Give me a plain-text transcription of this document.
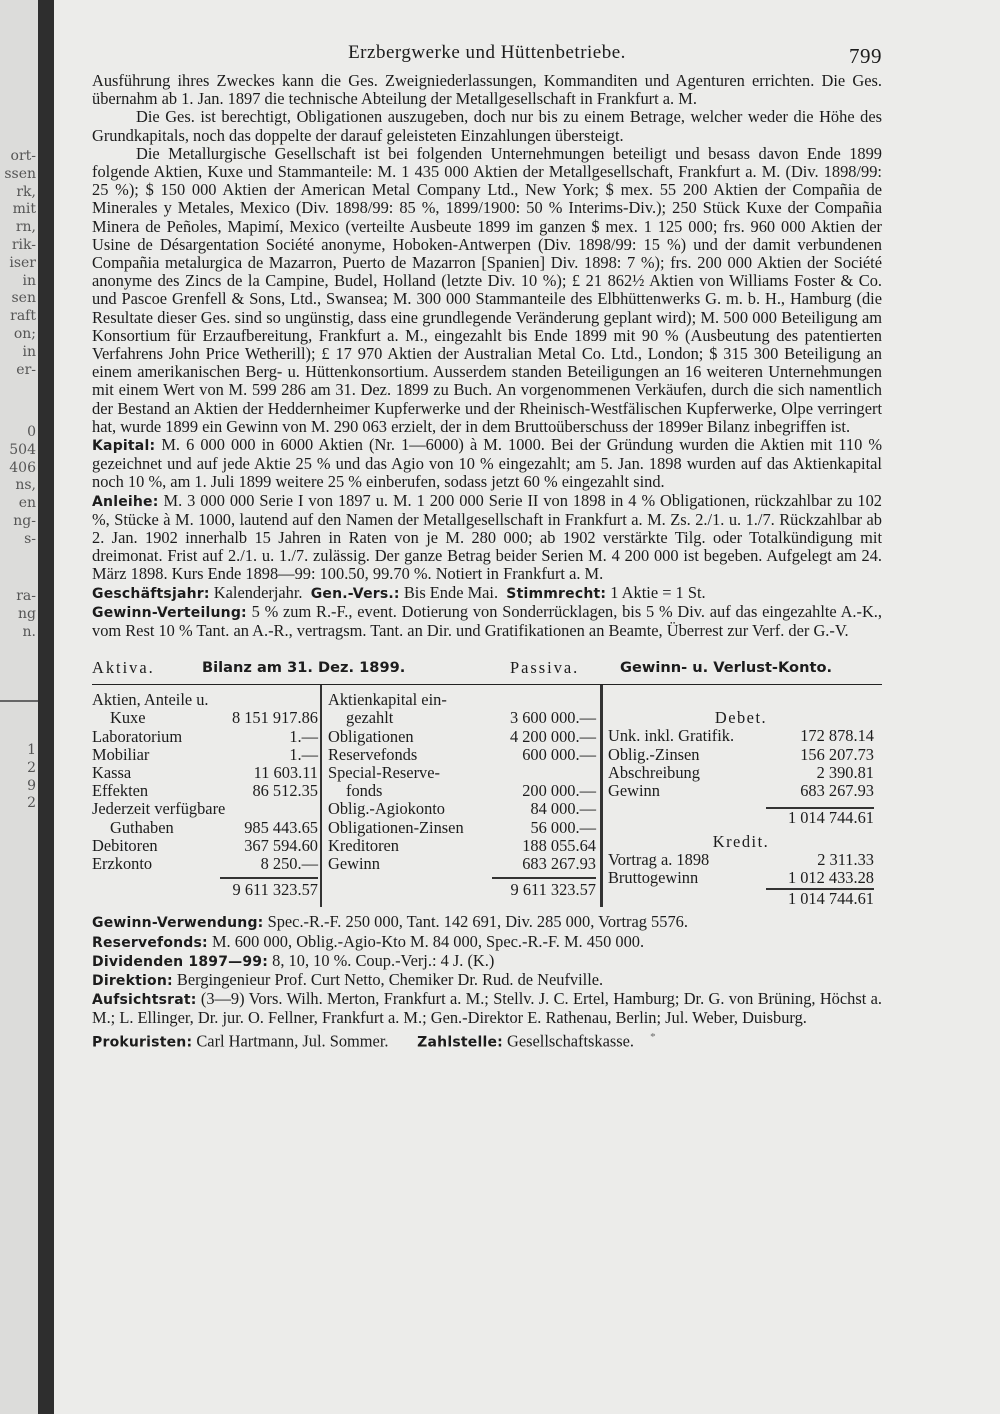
ort-
ssen
rk,
mit
rn,
rik-
iser
in
sen
raft
on;
in
er-
0
504
406
ns,
en
ng-
s-
ra-
ng
n.
1
2
9
2
Erzbergwerke und Hüttenbetriebe.	799

Ausführung ihres Zweckes kann die Ges. Zweigniederlassungen, Kommanditen und Agenturen errichten. Die Ges. übernahm ab 1. Jan. 1897 die technische Abteilung der Metallgesellschaft in Frankfurt a. M.

Die Ges. ist berechtigt, Obligationen auszugeben, doch nur bis zu einem Betrage, welcher weder die Höhe des Grundkapitals, noch das doppelte der darauf geleisteten Einzahlungen übersteigt.

Die Metallurgische Gesellschaft ist bei folgenden Unternehmungen beteiligt und besass davon Ende 1899 folgende Aktien, Kuxe und Stammanteile: M. 1 435 000 Aktien der Metallgesellschaft, Frankfurt a. M. (Div. 1898/99: 25 %); $ 150 000 Aktien der American Metal Company Ltd., New York; $ mex. 55 200 Aktien der Compañia de Minerales y Metales, Mexico (Div. 1898/99: 85 %, 1899/1900: 50 % Interims-Div.); 250 Stück Kuxe der Compañia Minera de Peñoles, Mapimí, Mexico (verteilte Ausbeute 1899 im ganzen $ mex. 1 125 000; frs. 960 000 Aktien der Usine de Désargentation Société anonyme, Hoboken-Antwerpen (Div. 1898/99: 15 %) und der damit verbundenen Compañia metalurgica de Mazarron, Puerto de Mazarron [Spanien] Div. 1898: 7 %); frs. 200 000 Aktien der Société anonyme des Zincs de la Campine, Budel, Holland (letzte Div. 10 %); £ 21 862½ Aktien von Williams Foster & Co. und Pascoe Grenfell & Sons, Ltd., Swansea; M. 300 000 Stammanteile des Elbhüttenwerks G. m. b. H., Hamburg (die Resultate dieser Ges. sind so ungünstig, dass eine grundlegende Veränderung geplant wird); M. 500 000 Beteiligung am Konsortium für Erzaufbereitung, Frankfurt a. M., eingezahlt bis Ende 1899 mit 90 % (Ausbeutung des patentierten Verfahrens John Price Wetherill); £ 17 970 Aktien der Australian Metal Co. Ltd., London; $ 315 300 Beteiligung an einem amerikanischen Berg- u. Hüttenkonsortium. Ausserdem standen Beteiligungen an 16 weiteren Unternehmungen mit einem Wert von M. 599 286 am 31. Dez. 1899 zu Buch. An vorgenommenen Verkäufen, durch die sich namentlich der Bestand an Aktien der Heddernheimer Kupferwerke und der Rheinisch-Westfälischen Kupferwerke, Olpe verringert hat, wurde 1899 ein Gewinn von M. 290 063 erzielt, der in dem Bruttoüberschuss der 1899er Bilanz inbegriffen ist.

Kapital: M. 6 000 000 in 6000 Aktien (Nr. 1—6000) à M. 1000. Bei der Gründung wurden die Aktien mit 110 % gezeichnet und auf jede Aktie 25 % und das Agio von 10 % eingezahlt; am 5. Jan. 1898 wurden auf das Aktienkapital noch 10 %, am 1. Juli 1899 weitere 25 % einberufen, sodass jetzt 60 % eingezahlt sind.

Anleihe: M. 3 000 000 Serie I von 1897 u. M. 1 200 000 Serie II von 1898 in 4 % Obligationen, rückzahlbar zu 102 %, Stücke à M. 1000, lautend auf den Namen der Metallgesellschaft in Frankfurt a. M. Zs. 2./1. u. 1./7. Rückzahlbar ab 2. Jan. 1902 innerhalb 15 Jahren in Raten von je M. 280 000; ab 1902 verstärkte Tilg. oder Totalkündigung mit dreimonat. Frist auf 2./1. u. 1./7. zulässig. Der ganze Betrag beider Serien M. 4 200 000 ist begeben. Aufgelegt am 24. März 1898. Kurs Ende 1898—99: 100.50, 99.70 %. Notiert in Frankfurt a. M.

Geschäftsjahr: Kalenderjahr. Gen.-Vers.: Bis Ende Mai. Stimmrecht: 1 Aktie = 1 St.

Gewinn-Verteilung: 5 % zum R.-F., event. Dotierung von Sonderrücklagen, bis 5 % Div. auf das eingezahlte A.-K., vom Rest 10 % Tant. an A.-R., vertragsm. Tant. an Dir. und Gratifikationen an Beamte, Überrest zur Verf. der G.-V.

Aktiva.	Bilanz am 31. Dez. 1899.	Passiva.	Gewinn- u. Verlust-Konto.
Aktien, Anteile u.
Kuxe	8 151 917.86
Laboratorium	1.—
Mobiliar	1.—
Kassa	11 603.11
Effekten	86 512.35
Jederzeit verfügbare
Guthaben	985 443.65
Debitoren	367 594.60
Erzkonto	8 250.—
9 611 323.57
Aktienkapital ein-
gezahlt	3 600 000.—
Obligationen	4 200 000.—
Reservefonds	600 000.—
Special-Reserve-
fonds	200 000.—
Oblig.-Agiokonto	84 000.—
Obligationen-Zinsen	56 000.—
Kreditoren	188 055.64
Gewinn	683 267.93
9 611 323.57
Debet.
Unk. inkl. Gratifik.	172 878.14
Oblig.-Zinsen	156 207.73
Abschreibung	2 390.81
Gewinn	683 267.93
1 014 744.61
Kredit.
Vortrag a. 1898	2 311.33
Bruttogewinn	1 012 433.28
1 014 744.61

Gewinn-Verwendung: Spec.-R.-F. 250 000, Tant. 142 691, Div. 285 000, Vortrag 5576.

Reservefonds: M. 600 000, Oblig.-Agio-Kto M. 84 000, Spec.-R.-F. M. 450 000.

Dividenden 1897—99: 8, 10, 10 %. Coup.-Verj.: 4 J. (K.)

Direktion: Bergingenieur Prof. Curt Netto, Chemiker Dr. Rud. de Neufville.

Aufsichtsrat: (3—9) Vors. Wilh. Merton, Frankfurt a. M.; Stellv. J. C. Ertel, Hamburg; Dr. G. von Brüning, Höchst a. M.; L. Ellinger, Dr. jur. O. Fellner, Frankfurt a. M.; Gen.-Direktor E. Rathenau, Berlin; Jul. Weber, Duisburg.

Prokuristen: Carl Hartmann, Jul. Sommer. Zahlstelle: Gesellschaftskasse. *
